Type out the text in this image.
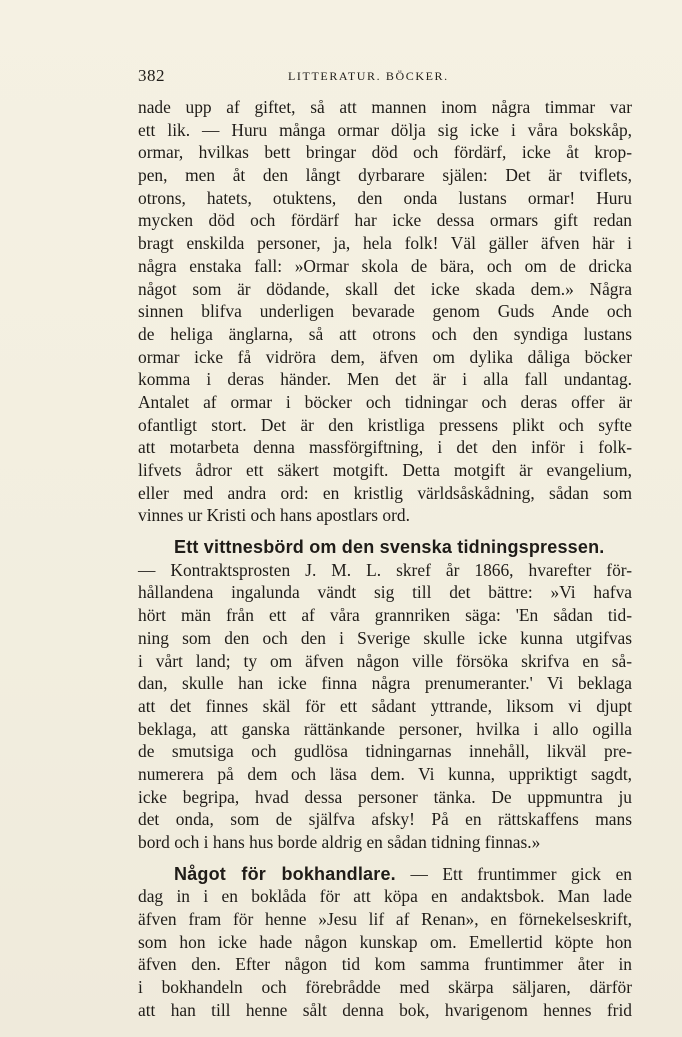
382	LITTERATUR. BÖCKER.
nade upp af giftet, så att mannen inom några timmar var
ett lik. — Huru många ormar dölja sig icke i våra bokskåp,
ormar, hvilkas bett bringar död och fördärf, icke åt krop-
pen, men åt den långt dyrbarare själen: Det är tviflets,
otrons, hatets, otuktens, den onda lustans ormar! Huru
mycken död och fördärf har icke dessa ormars gift redan
bragt enskilda personer, ja, hela folk! Väl gäller äfven här i
några enstaka fall: »Ormar skola de bära, och om de dricka
något som är dödande, skall det icke skada dem.» Några
sinnen blifva underligen bevarade genom Guds Ande och
de heliga änglarna, så att otrons och den syndiga lustans
ormar icke få vidröra dem, äfven om dylika dåliga böcker
komma i deras händer. Men det är i alla fall undantag.
Antalet af ormar i böcker och tidningar och deras offer är
ofantligt stort. Det är den kristliga pressens plikt och syfte
att motarbeta denna massförgiftning, i det den inför i folk-
lifvets ådror ett säkert motgift. Detta motgift är evangelium,
eller med andra ord: en kristlig världsåskådning, sådan som
vinnes ur Kristi och hans apostlars ord.
Ett vittnesbörd om den svenska tidningspressen.
— Kontraktsprosten J. M. L. skref år 1866, hvarefter för-
hållandena ingalunda vändt sig till det bättre: »Vi hafva
hört män från ett af våra grannriken säga: 'En sådan tid-
ning som den och den i Sverige skulle icke kunna utgifvas
i vårt land; ty om äfven någon ville försöka skrifva en så-
dan, skulle han icke finna några prenumeranter.' Vi beklaga
att det finnes skäl för ett sådant yttrande, liksom vi djupt
beklaga, att ganska rättänkande personer, hvilka i allo ogilla
de smutsiga och gudlösa tidningarnas innehåll, likväl pre-
numerera på dem och läsa dem. Vi kunna, uppriktigt sagdt,
icke begripa, hvad dessa personer tänka. De uppmuntra ju
det onda, som de själfva afsky! På en rättskaffens mans
bord och i hans hus borde aldrig en sådan tidning finnas.»
Något för bokhandlare. — Ett fruntimmer gick en
dag in i en boklåda för att köpa en andaktsbok. Man lade
äfven fram för henne »Jesu lif af Renan», en förnekelseskrift,
som hon icke hade någon kunskap om. Emellertid köpte hon
äfven den. Efter någon tid kom samma fruntimmer åter in
i bokhandeln och förebrådde med skärpa säljaren, därför
att han till henne sålt denna bok, hvarigenom hennes frid
